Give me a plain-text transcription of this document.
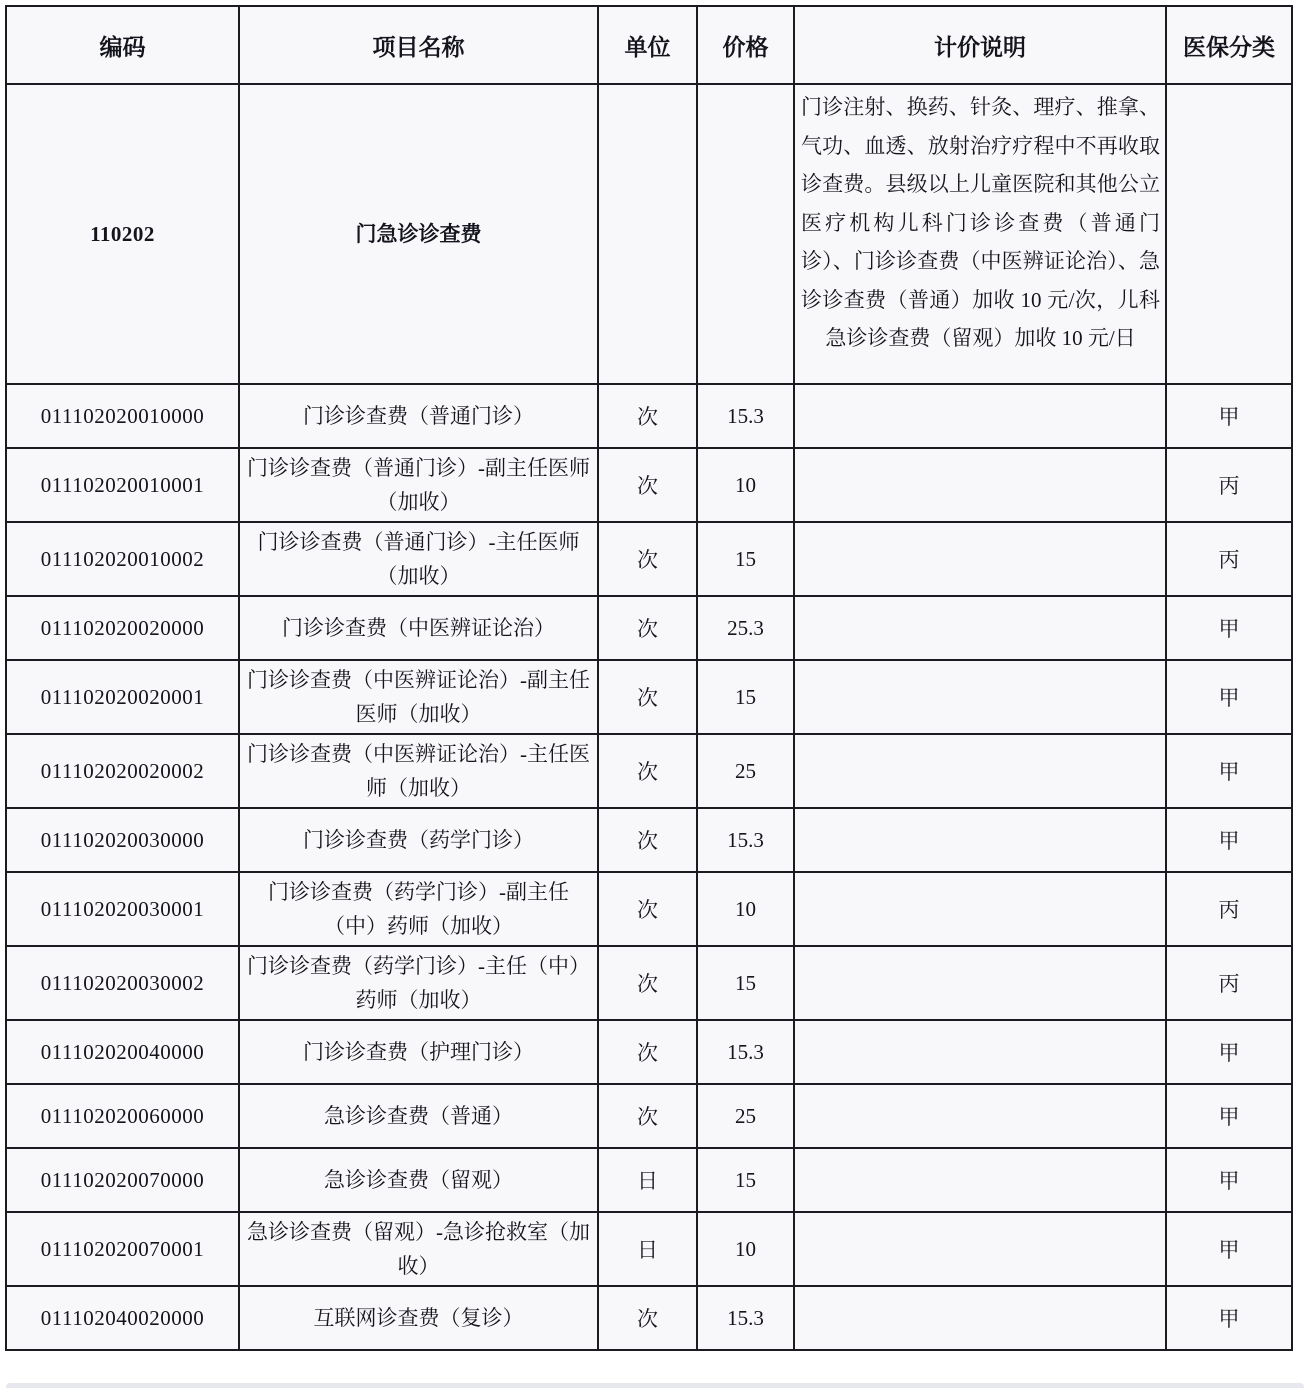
编码	项目名称	单位	价格	计价说明	医保分类
110202	门急诊诊查费			门诊注射、换药、针灸、理疗、推拿、气功、血透、放射治疗疗程中不再收取诊查费。县级以上儿童医院和其他公立医疗机构儿科门诊诊查费（普通门诊）、门诊诊查费（中医辨证论治）、急诊诊查费（普通）加收 10 元/次，儿科急诊诊查费（留观）加收 10 元/日	

011102020010000	门诊诊查费（普通门诊）	次	15.3		甲
011102020010001	门诊诊查费（普通门诊）-副主任医师（加收）	次	10		丙
011102020010002	门诊诊查费（普通门诊）-主任医师（加收）	次	15		丙
011102020020000	门诊诊查费（中医辨证论治）	次	25.3		甲
011102020020001	门诊诊查费（中医辨证论治）-副主任医师（加收）	次	15		甲
011102020020002	门诊诊查费（中医辨证论治）-主任医师（加收）	次	25		甲
011102020030000	门诊诊查费（药学门诊）	次	15.3		甲
011102020030001	门诊诊查费（药学门诊）-副主任（中）药师（加收）	次	10		丙
011102020030002	门诊诊查费（药学门诊）-主任（中）药师（加收）	次	15		丙
011102020040000	门诊诊查费（护理门诊）	次	15.3		甲
011102020060000	急诊诊查费（普通）	次	25		甲
011102020070000	急诊诊查费（留观）	日	15		甲
011102020070001	急诊诊查费（留观）-急诊抢救室（加收）	日	10		甲
011102040020000	互联网诊查费（复诊）	次	15.3		甲
